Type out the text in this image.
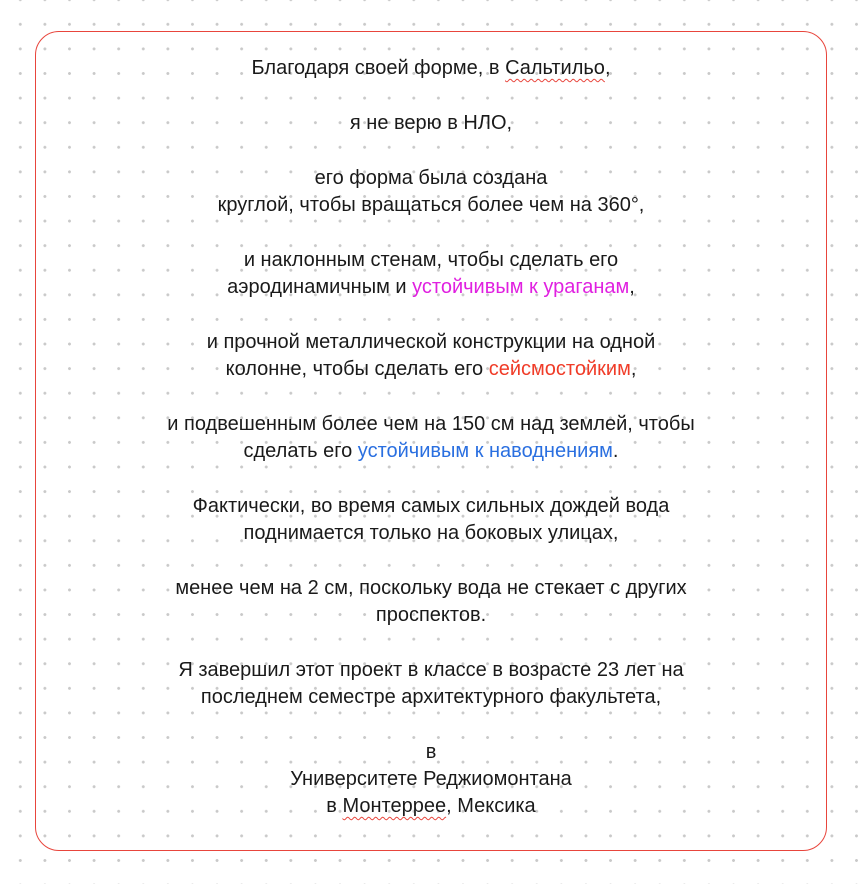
Благодаря своей форме, в Сальтильо,

я не верю в НЛО,

его форма была создана
круглой, чтобы вращаться более чем на 360°,

и наклонным стенам, чтобы сделать его
аэродинамичным и устойчивым к ураганам,

и прочной металлической конструкции на одной
колонне, чтобы сделать его сейсмостойким,

и подвешенным более чем на 150 см над землей, чтобы
сделать его устойчивым к наводнениям.

Фактически, во время самых сильных дождей вода
поднимается только на боковых улицах,

менее чем на 2 см, поскольку вода не стекает с других
проспектов.

Я завершил этот проект в классе в возрасте 23 лет на
последнем семестре архитектурного факультета,

в
Университете Реджиомонтана
в Монтеррее, Мексика
